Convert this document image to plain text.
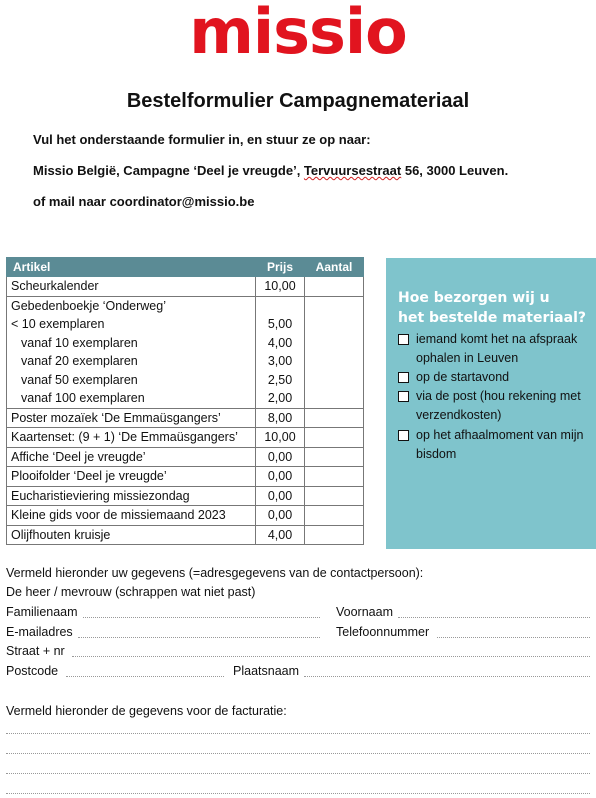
missio
Bestelformulier Campagnemateriaal
Vul het onderstaande formulier in, en stuur ze op naar:
Missio België, Campagne ‘Deel je vreugde’, Tervuursestraat 56, 3000 Leuven.
of mail naar coordinator@missio.be
Artikel	Prijs	Aantal
Scheurkalender	10,00	
Gebedenboekje ‘Onderweg’		
< 10 exemplaren	5,00	
vanaf 10 exemplaren	4,00	
vanaf 20 exemplaren	3,00	
vanaf 50 exemplaren	2,50	
vanaf 100 exemplaren	2,00	
Poster mozaïek ‘De Emmaüsgangers’	8,00	
Kaartenset: (9 + 1) ‘De Emmaüsgangers’	10,00	
Affiche ‘Deel je vreugde’	0,00	
Plooifolder ‘Deel je vreugde’	0,00	
Eucharistieviering missiezondag	0,00	
Kleine gids voor de missiemaand 2023	0,00	
Olijfhouten kruisje	4,00	
Hoe bezorgen wij u
het bestelde materiaal?
iemand komt het na afspraak ophalen in Leuven
op de startavond
via de post (hou rekening met verzendkosten)
op het afhaalmoment van mijn bisdom
Vermeld hieronder uw gegevens (=adresgegevens van de contactpersoon):
De heer / mevrouw (schrappen wat niet past)
Familienaam	Voornaam
E-mailadres	Telefoonnummer
Straat + nr
Postcode	Plaatsnaam
Vermeld hieronder de gegevens voor de facturatie:
